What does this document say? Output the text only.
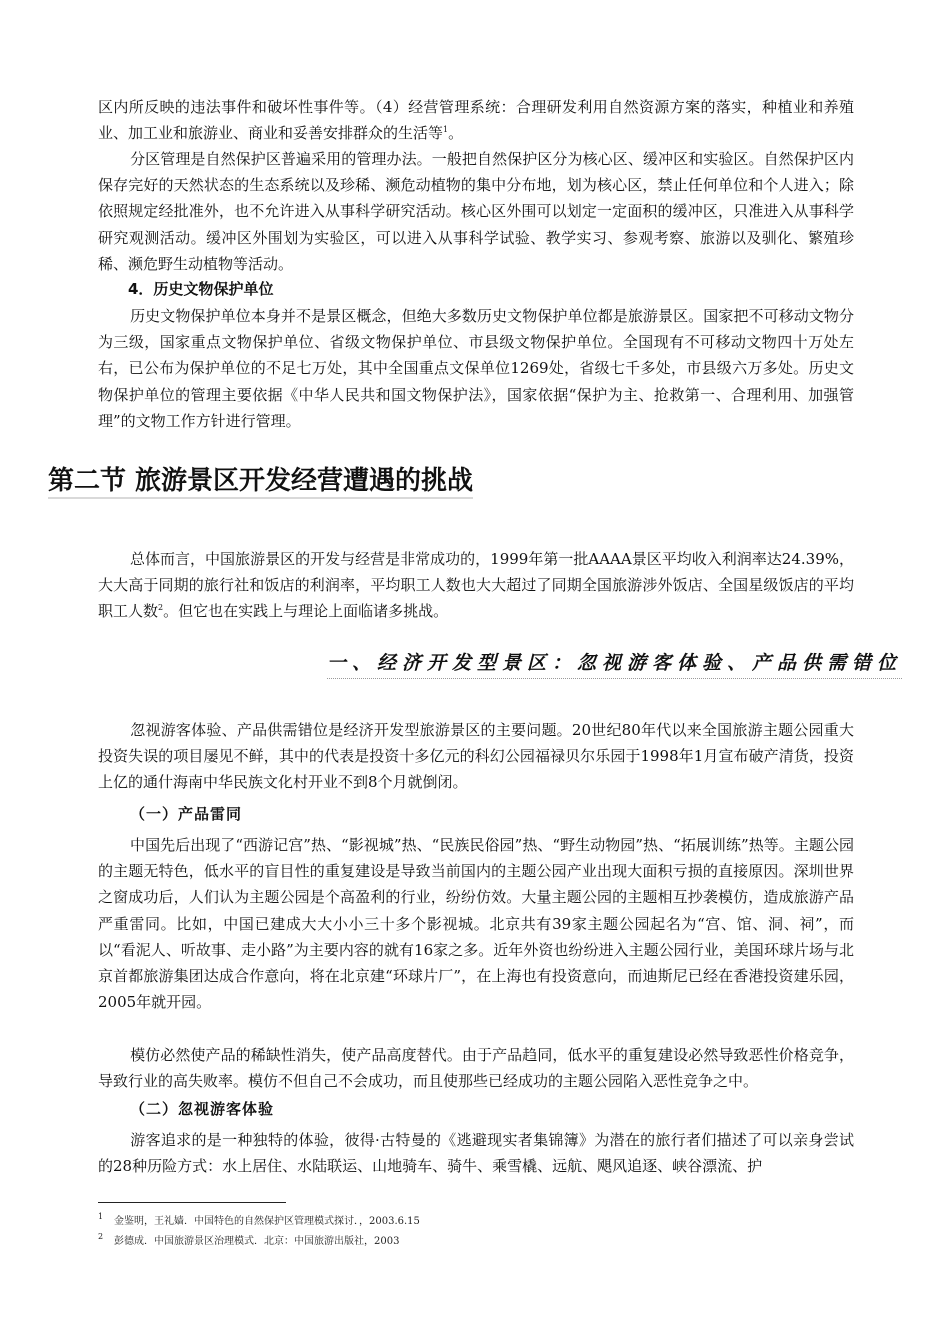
区内所反映的违法事件和破坏性事件等。（4）经营管理系统：合理研发利用自然资源方案的落实，种植业和养殖业、加工业和旅游业、商业和妥善安排群众的生活等$^1$。

分区管理是自然保护区普遍采用的管理办法。一般把自然保护区分为核心区、缓冲区和实验区。自然保护区内保存完好的天然状态的生态系统以及珍稀、濒危动植物的集中分布地，划为核心区，禁止任何单位和个人进入；除依照规定经批准外，也不允许进入从事科学研究活动。核心区外围可以划定一定面积的缓冲区，只准进入从事科学研究观测活动。缓冲区外围划为实验区，可以进入从事科学试验、教学实习、参观考察、旅游以及驯化、繁殖珍稀、濒危野生动植物等活动。

4．历史文物保护单位

历史文物保护单位本身并不是景区概念，但绝大多数历史文物保护单位都是旅游景区。国家把不可移动文物分为三级，国家重点文物保护单位、省级文物保护单位、市县级文物保护单位。全国现有不可移动文物四十万处左右，已公布为保护单位的不足七万处，其中全国重点文保单位1269处，省级七千多处，市县级六万多处。历史文物保护单位的管理主要依据《中华人民共和国文物保护法》，国家依据“保护为主、抢救第一、合理利用、加强管理”的文物工作方针进行管理。

第二节 旅游景区开发经营遭遇的挑战

总体而言，中国旅游景区的开发与经营是非常成功的，1999年第一批AAAA景区平均收入利润率达24.39%，大大高于同期的旅行社和饭店的利润率，平均职工人数也大大超过了同期全国旅游涉外饭店、全国星级饭店的平均职工人数$^2$。但它也在实践上与理论上面临诸多挑战。

一、经济开发型景区：忽视游客体验、产品供需错位

忽视游客体验、产品供需错位是经济开发型旅游景区的主要问题。20世纪80年代以来全国旅游主题公园重大投资失误的项目屡见不鲜，其中的代表是投资十多亿元的科幻公园福禄贝尔乐园于1998年1月宣布破产清货，投资上亿的通什海南中华民族文化村开业不到8个月就倒闭。

（一）产品雷同

中国先后出现了“西游记宫”热、“影视城”热、“民族民俗园”热、“野生动物园”热、“拓展训练”热等。主题公园的主题无特色，低水平的盲目性的重复建设是导致当前国内的主题公园产业出现大面积亏损的直接原因。深圳世界之窗成功后，人们认为主题公园是个高盈利的行业，纷纷仿效。大量主题公园的主题相互抄袭模仿，造成旅游产品严重雷同。比如，中国已建成大大小小三十多个影视城。北京共有39家主题公园起名为“宫、馆、洞、祠”，而以“看泥人、听故事、走小路”为主要内容的就有16家之多。近年外资也纷纷进入主题公园行业，美国环球片场与北京首都旅游集团达成合作意向，将在北京建“环球片厂”，在上海也有投资意向，而迪斯尼已经在香港投资建乐园，2005年就开园。

模仿必然使产品的稀缺性消失，使产品高度替代。由于产品趋同，低水平的重复建设必然导致恶性价格竞争，导致行业的高失败率。模仿不但自己不会成功，而且使那些已经成功的主题公园陷入恶性竞争之中。

（二）忽视游客体验

游客追求的是一种独特的体验，彼得·古特曼的《逃避现实者集锦簿》为潜在的旅行者们描述了可以亲身尝试的28种历险方式：水上居住、水陆联运、山地骑车、骑牛、乘雪橇、远航、飓风追逐、峡谷漂流、护

1 金鉴明，王礼嫱．中国特色的自然保护区管理模式探讨．，2003.6.15

2 彭德成．中国旅游景区治理模式．北京：中国旅游出版社，2003
